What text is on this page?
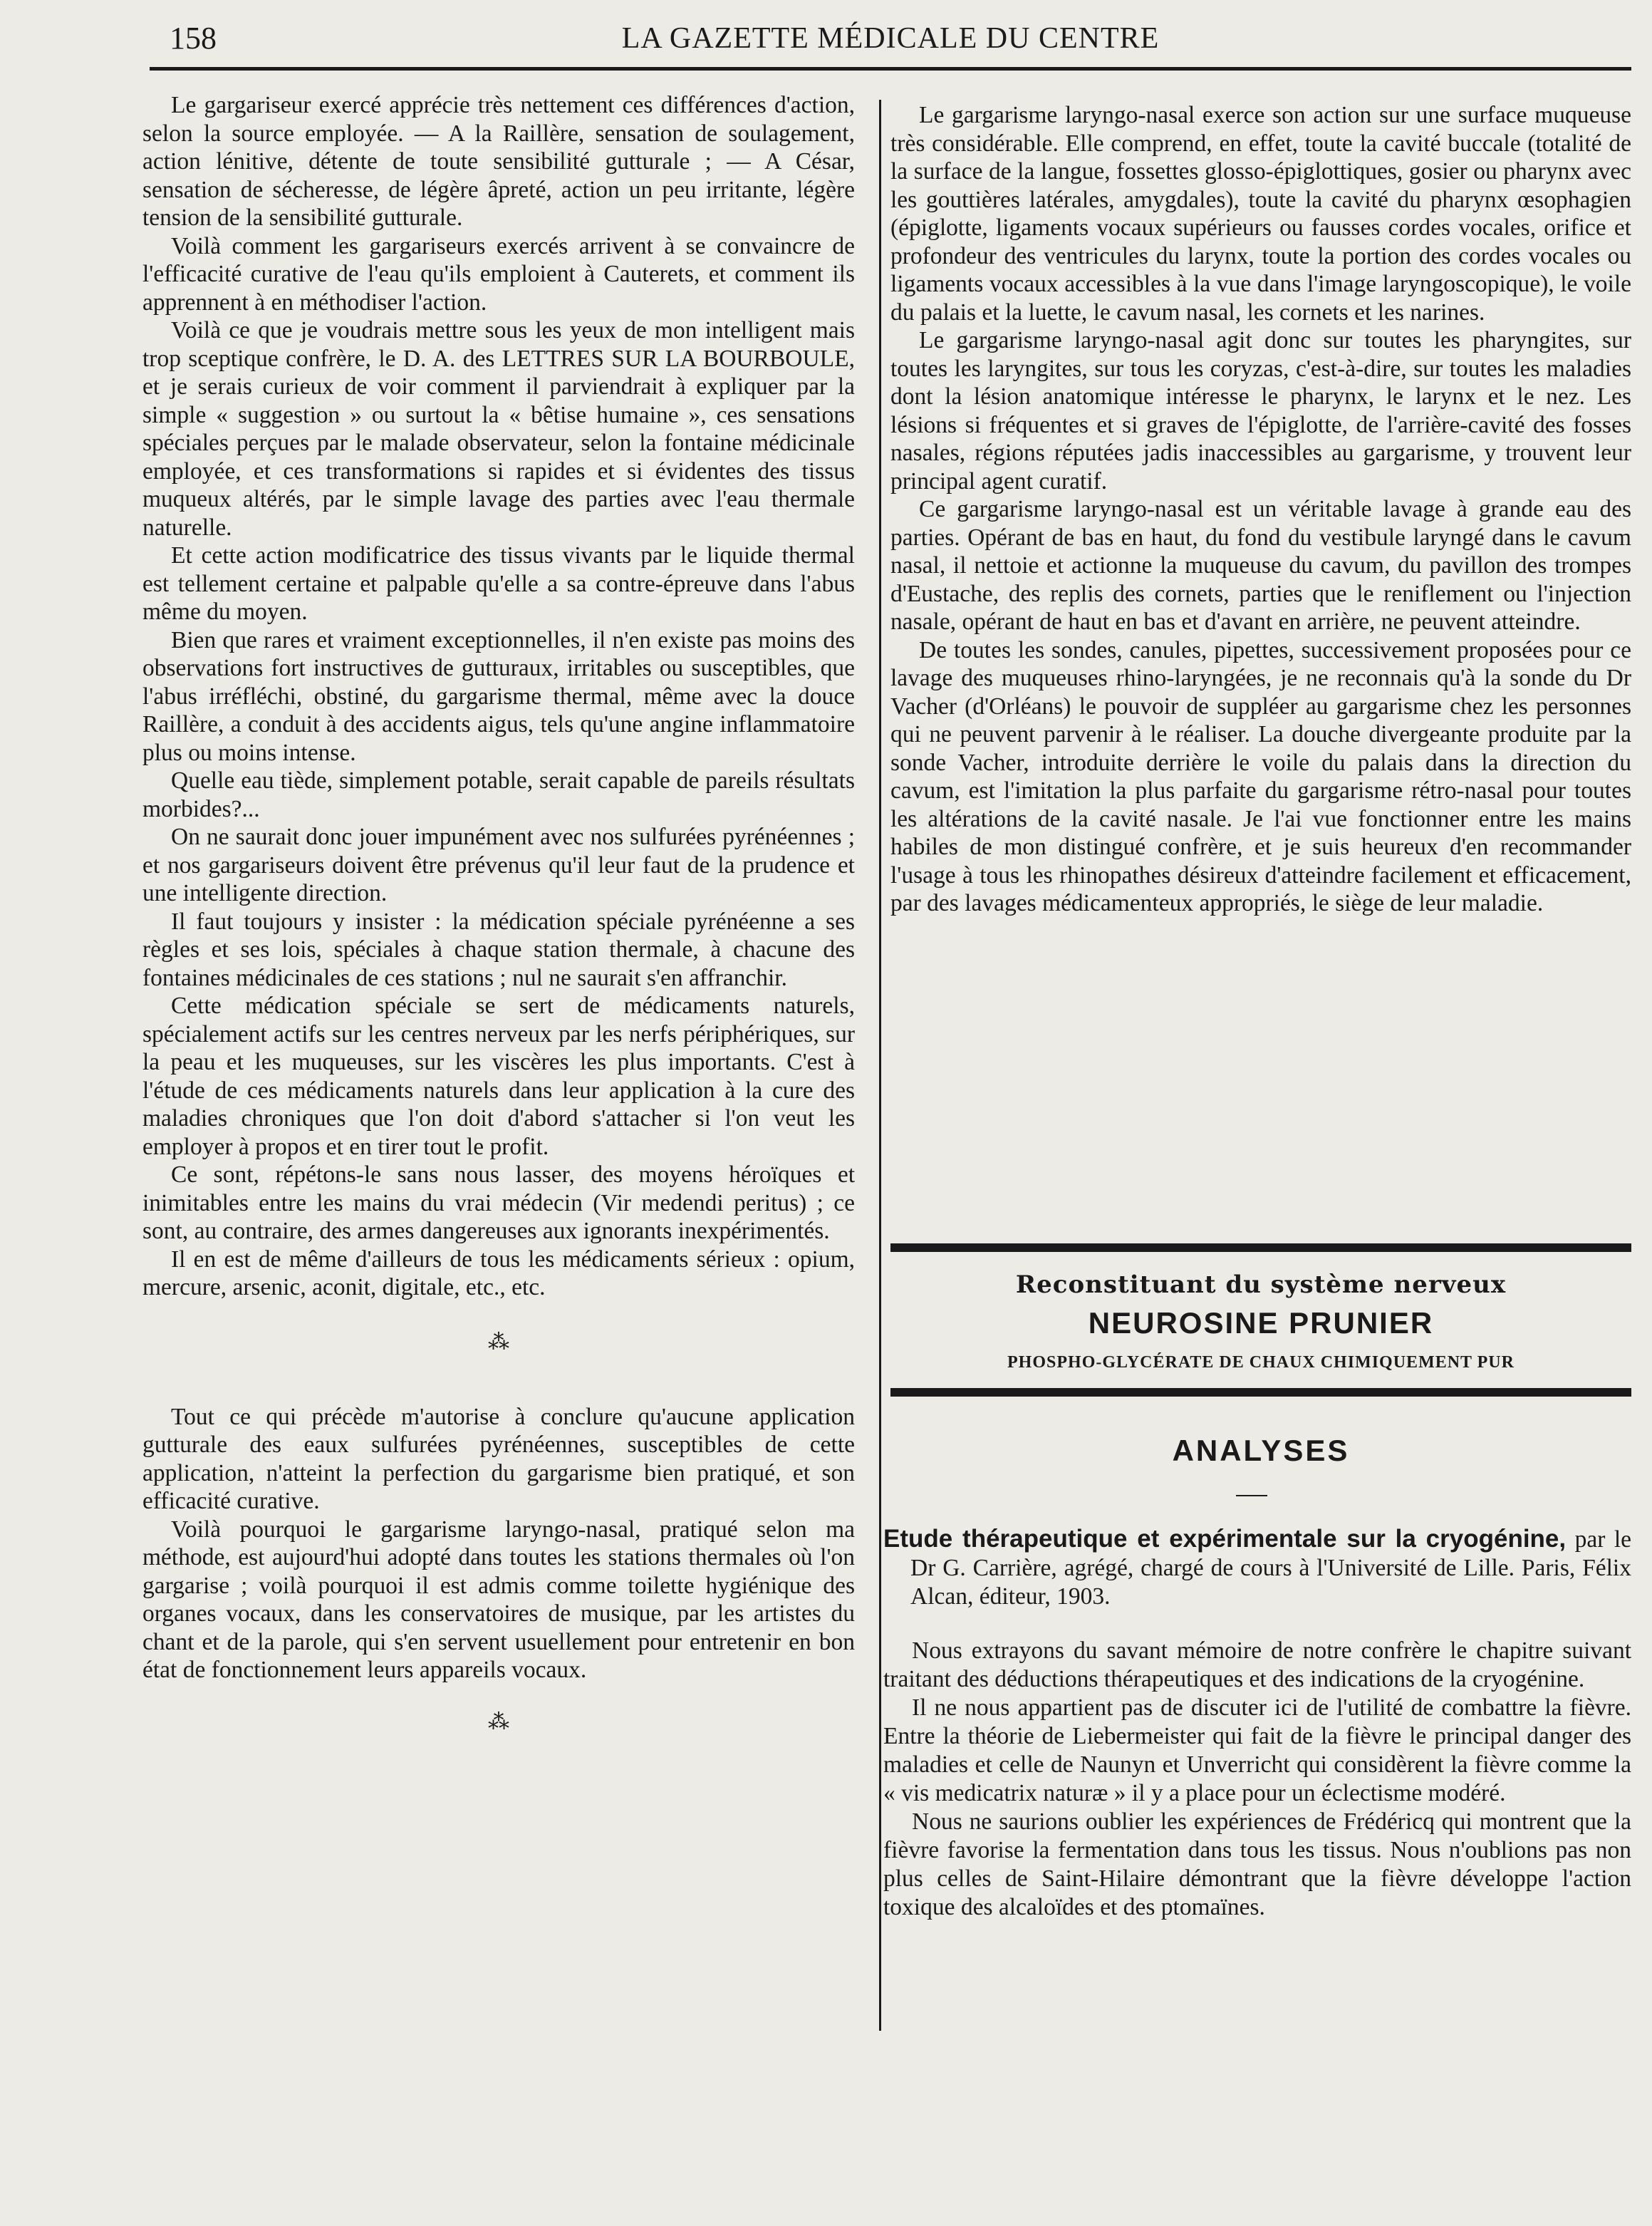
158	LA GAZETTE MÉDICALE DU CENTRE

Le gargariseur exercé apprécie très nettement ces différences d'action, selon la source employée. — A la Raillère, sensation de soulagement, action lénitive, détente de toute sensibilité gutturale ; — A César, sensation de sécheresse, de légère âpreté, action un peu irritante, légère tension de la sensibilité gutturale.

Voilà comment les gargariseurs exercés arrivent à se convaincre de l'efficacité curative de l'eau qu'ils emploient à Cauterets, et comment ils apprennent à en méthodiser l'action.

Voilà ce que je voudrais mettre sous les yeux de mon intelligent mais trop sceptique confrère, le D. A. des LETTRES SUR LA BOURBOULE, et je serais curieux de voir comment il parviendrait à expliquer par la simple « suggestion » ou surtout la « bêtise humaine », ces sensations spéciales perçues par le malade observateur, selon la fontaine médicinale employée, et ces transformations si rapides et si évidentes des tissus muqueux altérés, par le simple lavage des parties avec l'eau thermale naturelle.

Et cette action modificatrice des tissus vivants par le liquide thermal est tellement certaine et palpable qu'elle a sa contre-épreuve dans l'abus même du moyen.

Bien que rares et vraiment exceptionnelles, il n'en existe pas moins des observations fort instructives de gutturaux, irritables ou susceptibles, que l'abus irréfléchi, obstiné, du gargarisme thermal, même avec la douce Raillère, a conduit à des accidents aigus, tels qu'une angine inflammatoire plus ou moins intense.

Quelle eau tiède, simplement potable, serait capable de pareils résultats morbides?...

On ne saurait donc jouer impunément avec nos sulfurées pyrénéennes ; et nos gargariseurs doivent être prévenus qu'il leur faut de la prudence et une intelligente direction.

Il faut toujours y insister : la médication spéciale pyrénéenne a ses règles et ses lois, spéciales à chaque station thermale, à chacune des fontaines médicinales de ces stations ; nul ne saurait s'en affranchir.

Cette médication spéciale se sert de médicaments naturels, spécialement actifs sur les centres nerveux par les nerfs périphériques, sur la peau et les muqueuses, sur les viscères les plus importants. C'est à l'étude de ces médicaments naturels dans leur application à la cure des maladies chroniques que l'on doit d'abord s'attacher si l'on veut les employer à propos et en tirer tout le profit.

Ce sont, répétons-le sans nous lasser, des moyens héroïques et inimitables entre les mains du vrai médecin (Vir medendi peritus) ; ce sont, au contraire, des armes dangereuses aux ignorants inexpérimentés.

Il en est de même d'ailleurs de tous les médicaments sérieux : opium, mercure, arsenic, aconit, digitale, etc., etc.

⁂

Tout ce qui précède m'autorise à conclure qu'aucune application gutturale des eaux sulfurées pyrénéennes, susceptibles de cette application, n'atteint la perfection du gargarisme bien pratiqué, et son efficacité curative.

Voilà pourquoi le gargarisme laryngo-nasal, pratiqué selon ma méthode, est aujourd'hui adopté dans toutes les stations thermales où l'on gargarise ; voilà pourquoi il est admis comme toilette hygiénique des organes vocaux, dans les conservatoires de musique, par les artistes du chant et de la parole, qui s'en servent usuellement pour entretenir en bon état de fonctionnement leurs appareils vocaux.

⁂

Le gargarisme laryngo-nasal exerce son action sur une surface muqueuse très considérable. Elle comprend, en effet, toute la cavité buccale (totalité de la surface de la langue, fossettes glosso-épiglottiques, gosier ou pharynx avec les gouttières latérales, amygdales), toute la cavité du pharynx œsophagien (épiglotte, ligaments vocaux supérieurs ou fausses cordes vocales, orifice et profondeur des ventricules du larynx, toute la portion des cordes vocales ou ligaments vocaux accessibles à la vue dans l'image laryngoscopique), le voile du palais et la luette, le cavum nasal, les cornets et les narines.

Le gargarisme laryngo-nasal agit donc sur toutes les pharyngites, sur toutes les laryngites, sur tous les coryzas, c'est-à-dire, sur toutes les maladies dont la lésion anatomique intéresse le pharynx, le larynx et le nez. Les lésions si fréquentes et si graves de l'épiglotte, de l'arrière-cavité des fosses nasales, régions réputées jadis inaccessibles au gargarisme, y trouvent leur principal agent curatif.

Ce gargarisme laryngo-nasal est un véritable lavage à grande eau des parties. Opérant de bas en haut, du fond du vestibule laryngé dans le cavum nasal, il nettoie et actionne la muqueuse du cavum, du pavillon des trompes d'Eustache, des replis des cornets, parties que le reniflement ou l'injection nasale, opérant de haut en bas et d'avant en arrière, ne peuvent atteindre.

De toutes les sondes, canules, pipettes, successivement proposées pour ce lavage des muqueuses rhino-laryngées, je ne reconnais qu'à la sonde du Dr Vacher (d'Orléans) le pouvoir de suppléer au gargarisme chez les personnes qui ne peuvent parvenir à le réaliser. La douche divergeante produite par la sonde Vacher, introduite derrière le voile du palais dans la direction du cavum, est l'imitation la plus parfaite du gargarisme rétro-nasal pour toutes les altérations de la cavité nasale. Je l'ai vue fonctionner entre les mains habiles de mon distingué confrère, et je suis heureux d'en recommander l'usage à tous les rhinopathes désireux d'atteindre facilement et efficacement, par des lavages médicamenteux appropriés, le siège de leur maladie.

Reconstituant du système nerveux
NEUROSINE PRUNIER
PHOSPHO-GLYCÉRATE DE CHAUX CHIMIQUEMENT PUR
ANALYSES

Etude thérapeutique et expérimentale sur la cryogénine, par le Dr G. Carrière, agrégé, chargé de cours à l'Université de Lille. Paris, Félix Alcan, éditeur, 1903.

Nous extrayons du savant mémoire de notre confrère le chapitre suivant traitant des déductions thérapeutiques et des indications de la cryogénine.

Il ne nous appartient pas de discuter ici de l'utilité de combattre la fièvre. Entre la théorie de Liebermeister qui fait de la fièvre le principal danger des maladies et celle de Naunyn et Unverricht qui considèrent la fièvre comme la « vis medicatrix naturæ » il y a place pour un éclectisme modéré.

Nous ne saurions oublier les expériences de Frédéricq qui montrent que la fièvre favorise la fermentation dans tous les tissus. Nous n'oublions pas non plus celles de Saint-Hilaire démontrant que la fièvre développe l'action toxique des alcaloïdes et des ptomaïnes.
